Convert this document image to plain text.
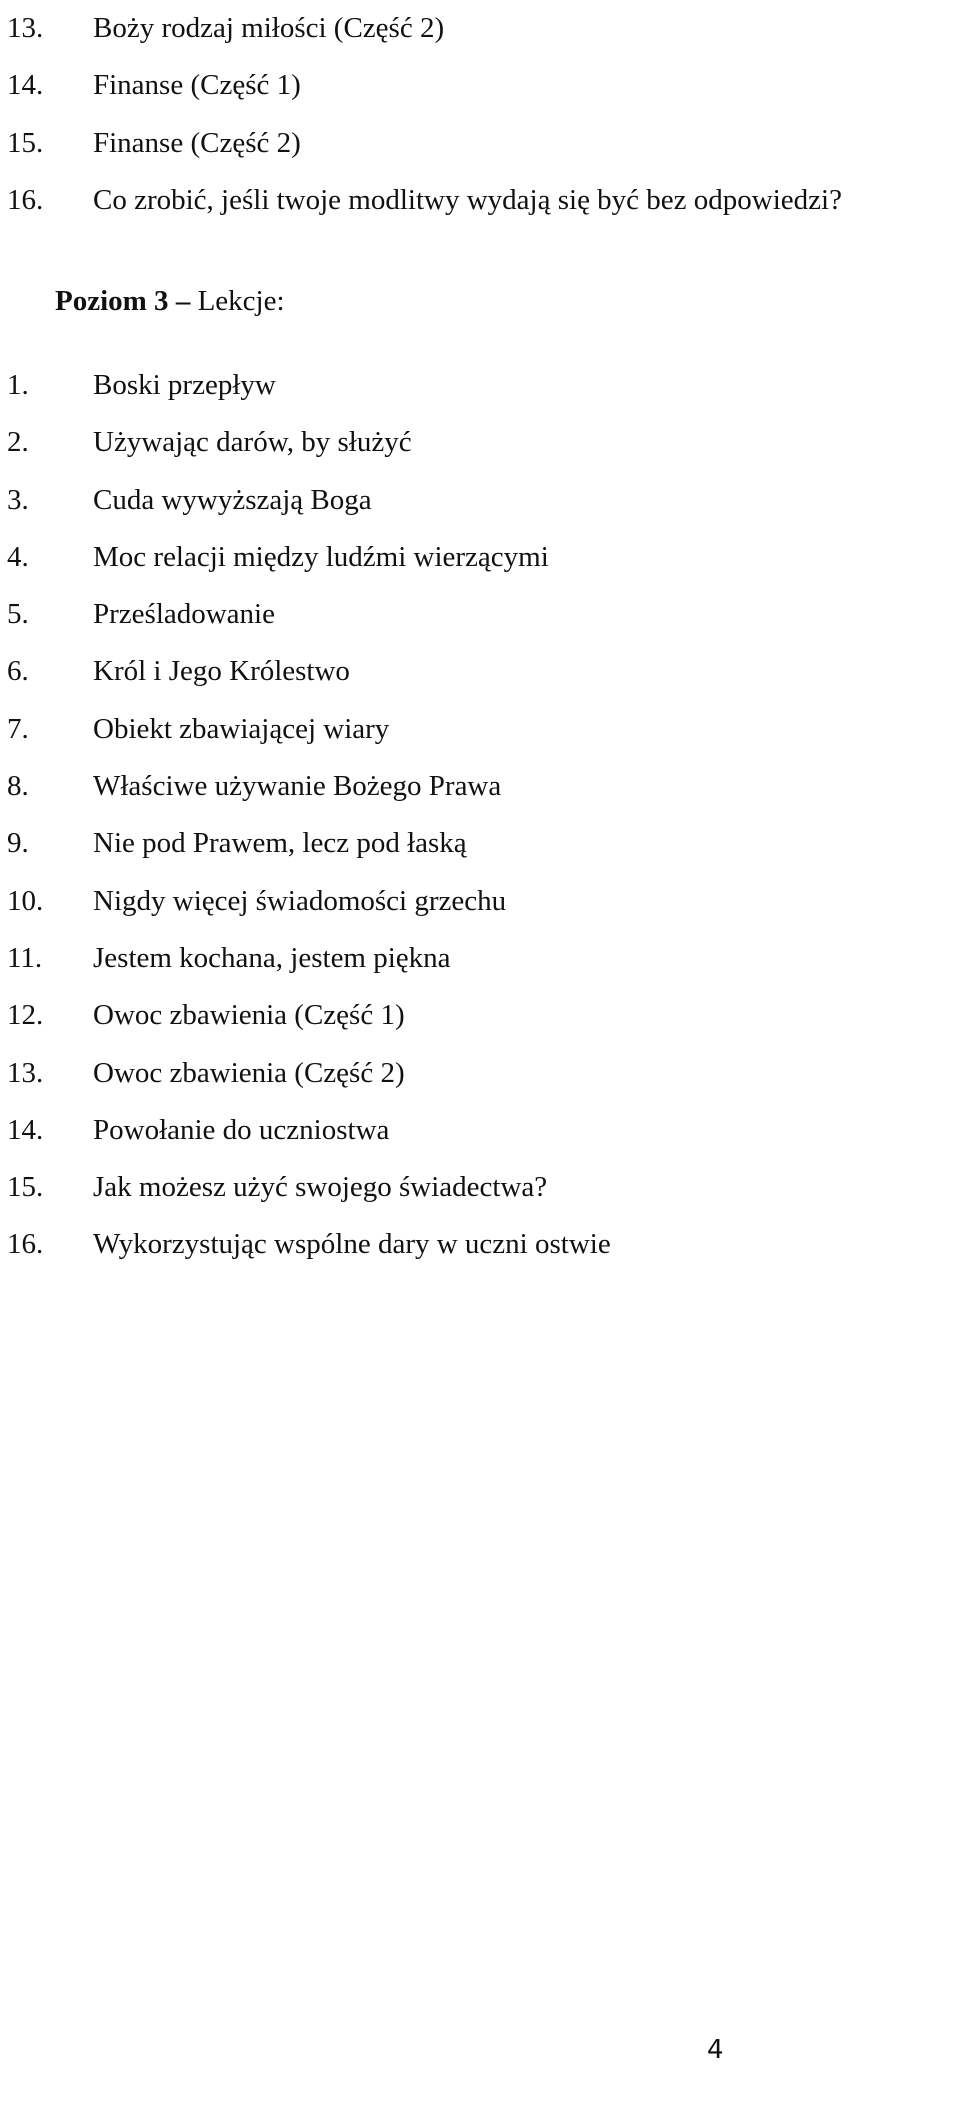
13. Boży rodzaj miłości (Część 2)
14. Finanse (Część 1)
15. Finanse (Część 2)
16. Co zrobić, jeśli twoje modlitwy wydają się być bez odpowiedzi?
Poziom 3 – Lekcje:
1. Boski przepływ
2. Używając darów, by służyć
3. Cuda wywyższają Boga
4. Moc relacji między ludźmi wierzącymi
5. Prześladowanie
6. Król i Jego Królestwo
7. Obiekt zbawiającej wiary
8. Właściwe używanie Bożego Prawa
9. Nie pod Prawem, lecz pod łaską
10. Nigdy więcej świadomości grzechu
11. Jestem kochana, jestem piękna
12. Owoc zbawienia (Część 1)
13. Owoc zbawienia (Część 2)
14. Powołanie do uczniostwa
15. Jak możesz użyć swojego świadectwa?
16. Wykorzystując wspólne dary w uczni ostwie
4
